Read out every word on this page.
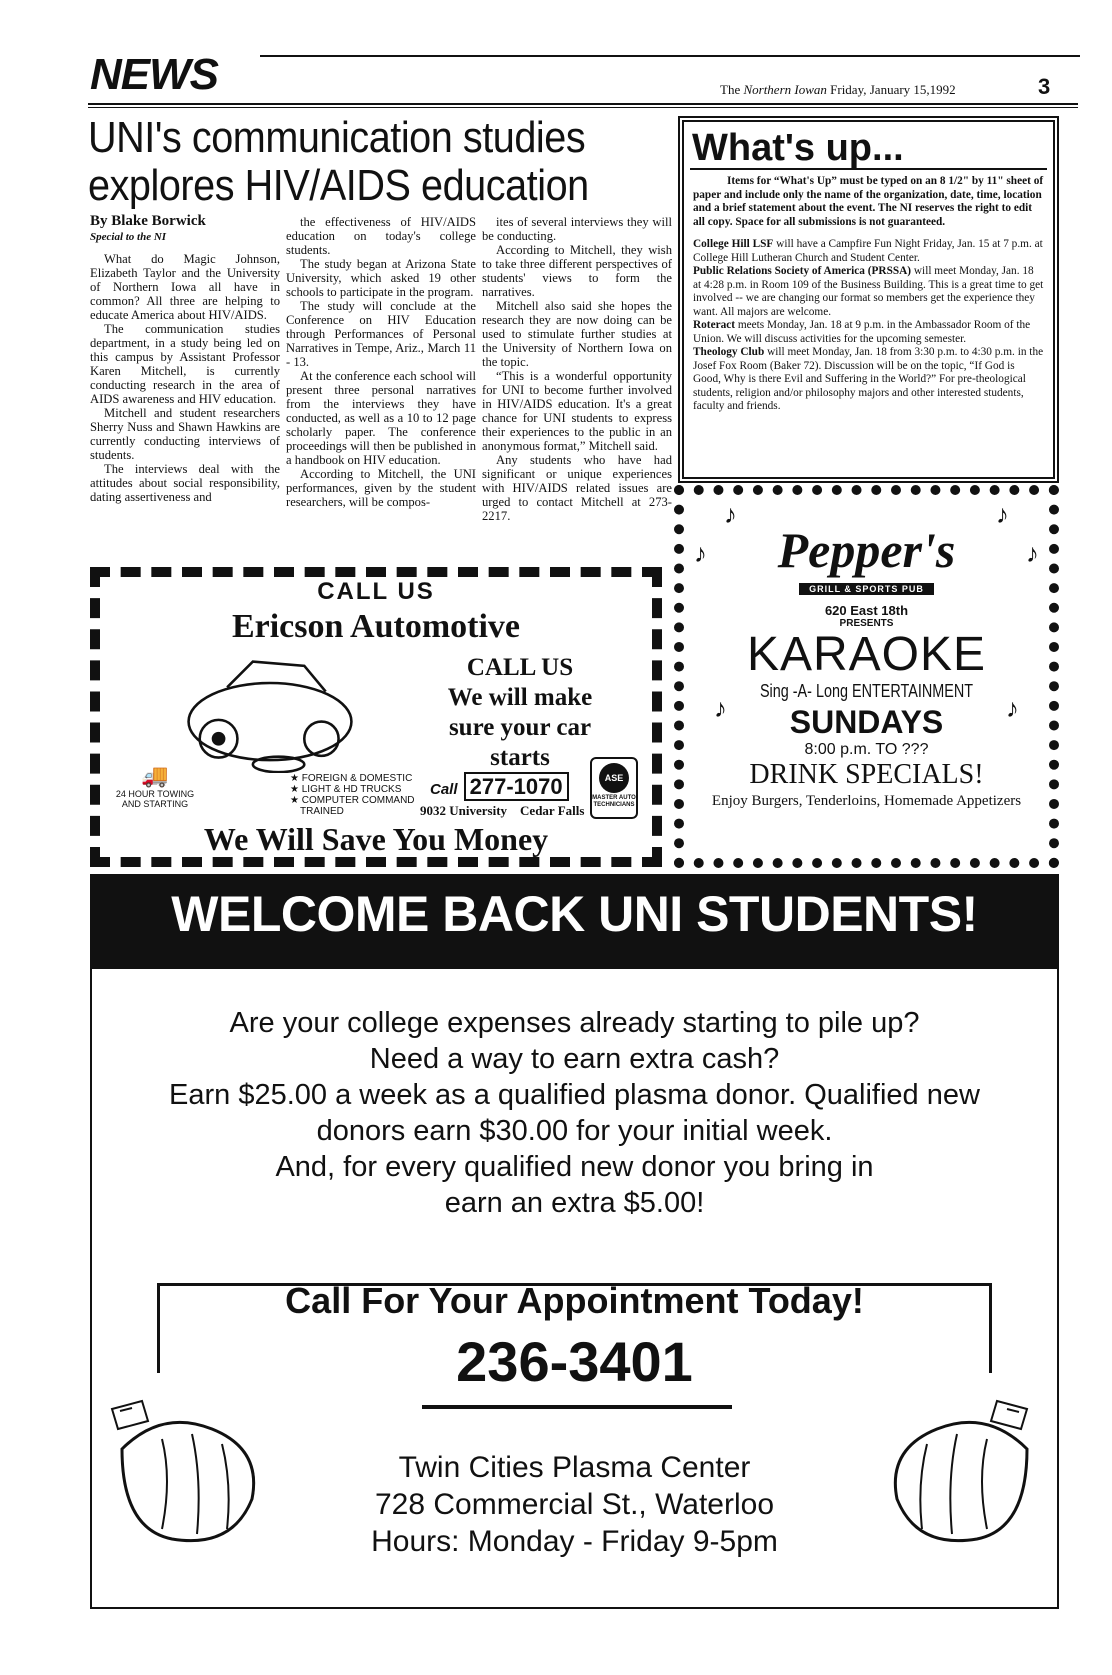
NEWS	The Northern Iowan Friday, January 15,1992	3
UNI's communication studies explores HIV/AIDS education
By Blake Borwick
Special to the NI

What do Magic Johnson, Elizabeth Taylor and the University of Northern Iowa all have in common? All three are helping to educate America about HIV/AIDS.

The communication studies department, in a study being led on this campus by Assistant Professor Karen Mitchell, is currently conducting research in the area of AIDS awareness and HIV education.

Mitchell and student researchers Sherry Nuss and Shawn Hawkins are currently conducting interviews of students.

The interviews deal with the attitudes about social responsibility, dating assertiveness and

the effectiveness of HIV/AIDS education on today's college students.

The study began at Arizona State University, which asked 19 other schools to participate in the program.

The study will conclude at the Conference on HIV Education through Performances of Personal Narratives in Tempe, Ariz., March 11 - 13.

At the conference each school will present three personal narratives from the interviews they have conducted, as well as a 10 to 12 page scholarly paper. The conference proceedings will then be published in a handbook on HIV education.

According to Mitchell, the UNI performances, given by the student researchers, will be compos-

ites of several interviews they will be conducting.

According to Mitchell, they wish to take three different perspectives of students' views to form the narratives.

Mitchell also said she hopes the research they are now doing can be used to stimulate further studies at the University of Northern Iowa on the topic.

“This is a wonderful opportunity for UNI to become further involved in HIV/AIDS education. It's a great chance for UNI students to express their experiences to the public in an anonymous format,” Mitchell said.

Any students who have had significant or unique experiences with HIV/AIDS related issues are urged to contact Mitchell at 273-2217.

What's up...

Items for “What's Up” must be typed on an 8 1/2" by 11" sheet of paper and include only the name of the organization, date, time, location and a brief statement about the event. The NI reserves the right to edit all copy. Space for all submissions is not guaranteed.

College Hill LSF will have a Campfire Fun Night Friday, Jan. 15 at 7 p.m. at College Hill Lutheran Church and Student Center.

Public Relations Society of America (PRSSA) will meet Monday, Jan. 18 at 4:28 p.m. in Room 109 of the Business Building. This is a great time to get involved -- we are changing our format so members get the experience they want. All majors are welcome.

Roteract meets Monday, Jan. 18 at 9 p.m. in the Ambassador Room of the Union. We will discuss activities for the upcoming semester.

Theology Club will meet Monday, Jan. 18 from 3:30 p.m. to 4:30 p.m. in the Josef Fox Room (Baker 72). Discussion will be on the topic, “If God is Good, Why is there Evil and Suffering in the World?” For pre-theological students, religion and/or philosophy majors and other interested students, faculty and friends.

CALL US
Ericson Automotive
CALL US
We will make
sure your car
starts
🚚
24 HOUR TOWING
AND STARTING
★ FOREIGN & DOMESTIC
★ LIGHT & HD TRUCKS
★ COMPUTER COMMAND
TRAINED
Call 277-1070
9032 University Cedar Falls
ASE
MASTER AUTO TECHNICIANS
We Will Save You Money
♪	♪
♪	♪
♪	♪
Pepper's
GRILL & SPORTS PUB
620 East 18th
PRESENTS
KARAOKE
Sing -A- Long ENTERTAINMENT
SUNDAYS
8:00 p.m. TO ???
DRINK SPECIALS!
Enjoy Burgers, Tenderloins, Homemade Appetizers
WELCOME BACK UNI STUDENTS!
Are your college expenses already starting to pile up?
Need a way to earn extra cash?
Earn $25.00 a week as a qualified plasma donor. Qualified new
donors earn $30.00 for your initial week.
And, for every qualified new donor you bring in
earn an extra $5.00!
Call For Your Appointment Today!
236-3401
Twin Cities Plasma Center
728 Commercial St., Waterloo
Hours: Monday - Friday 9-5pm
